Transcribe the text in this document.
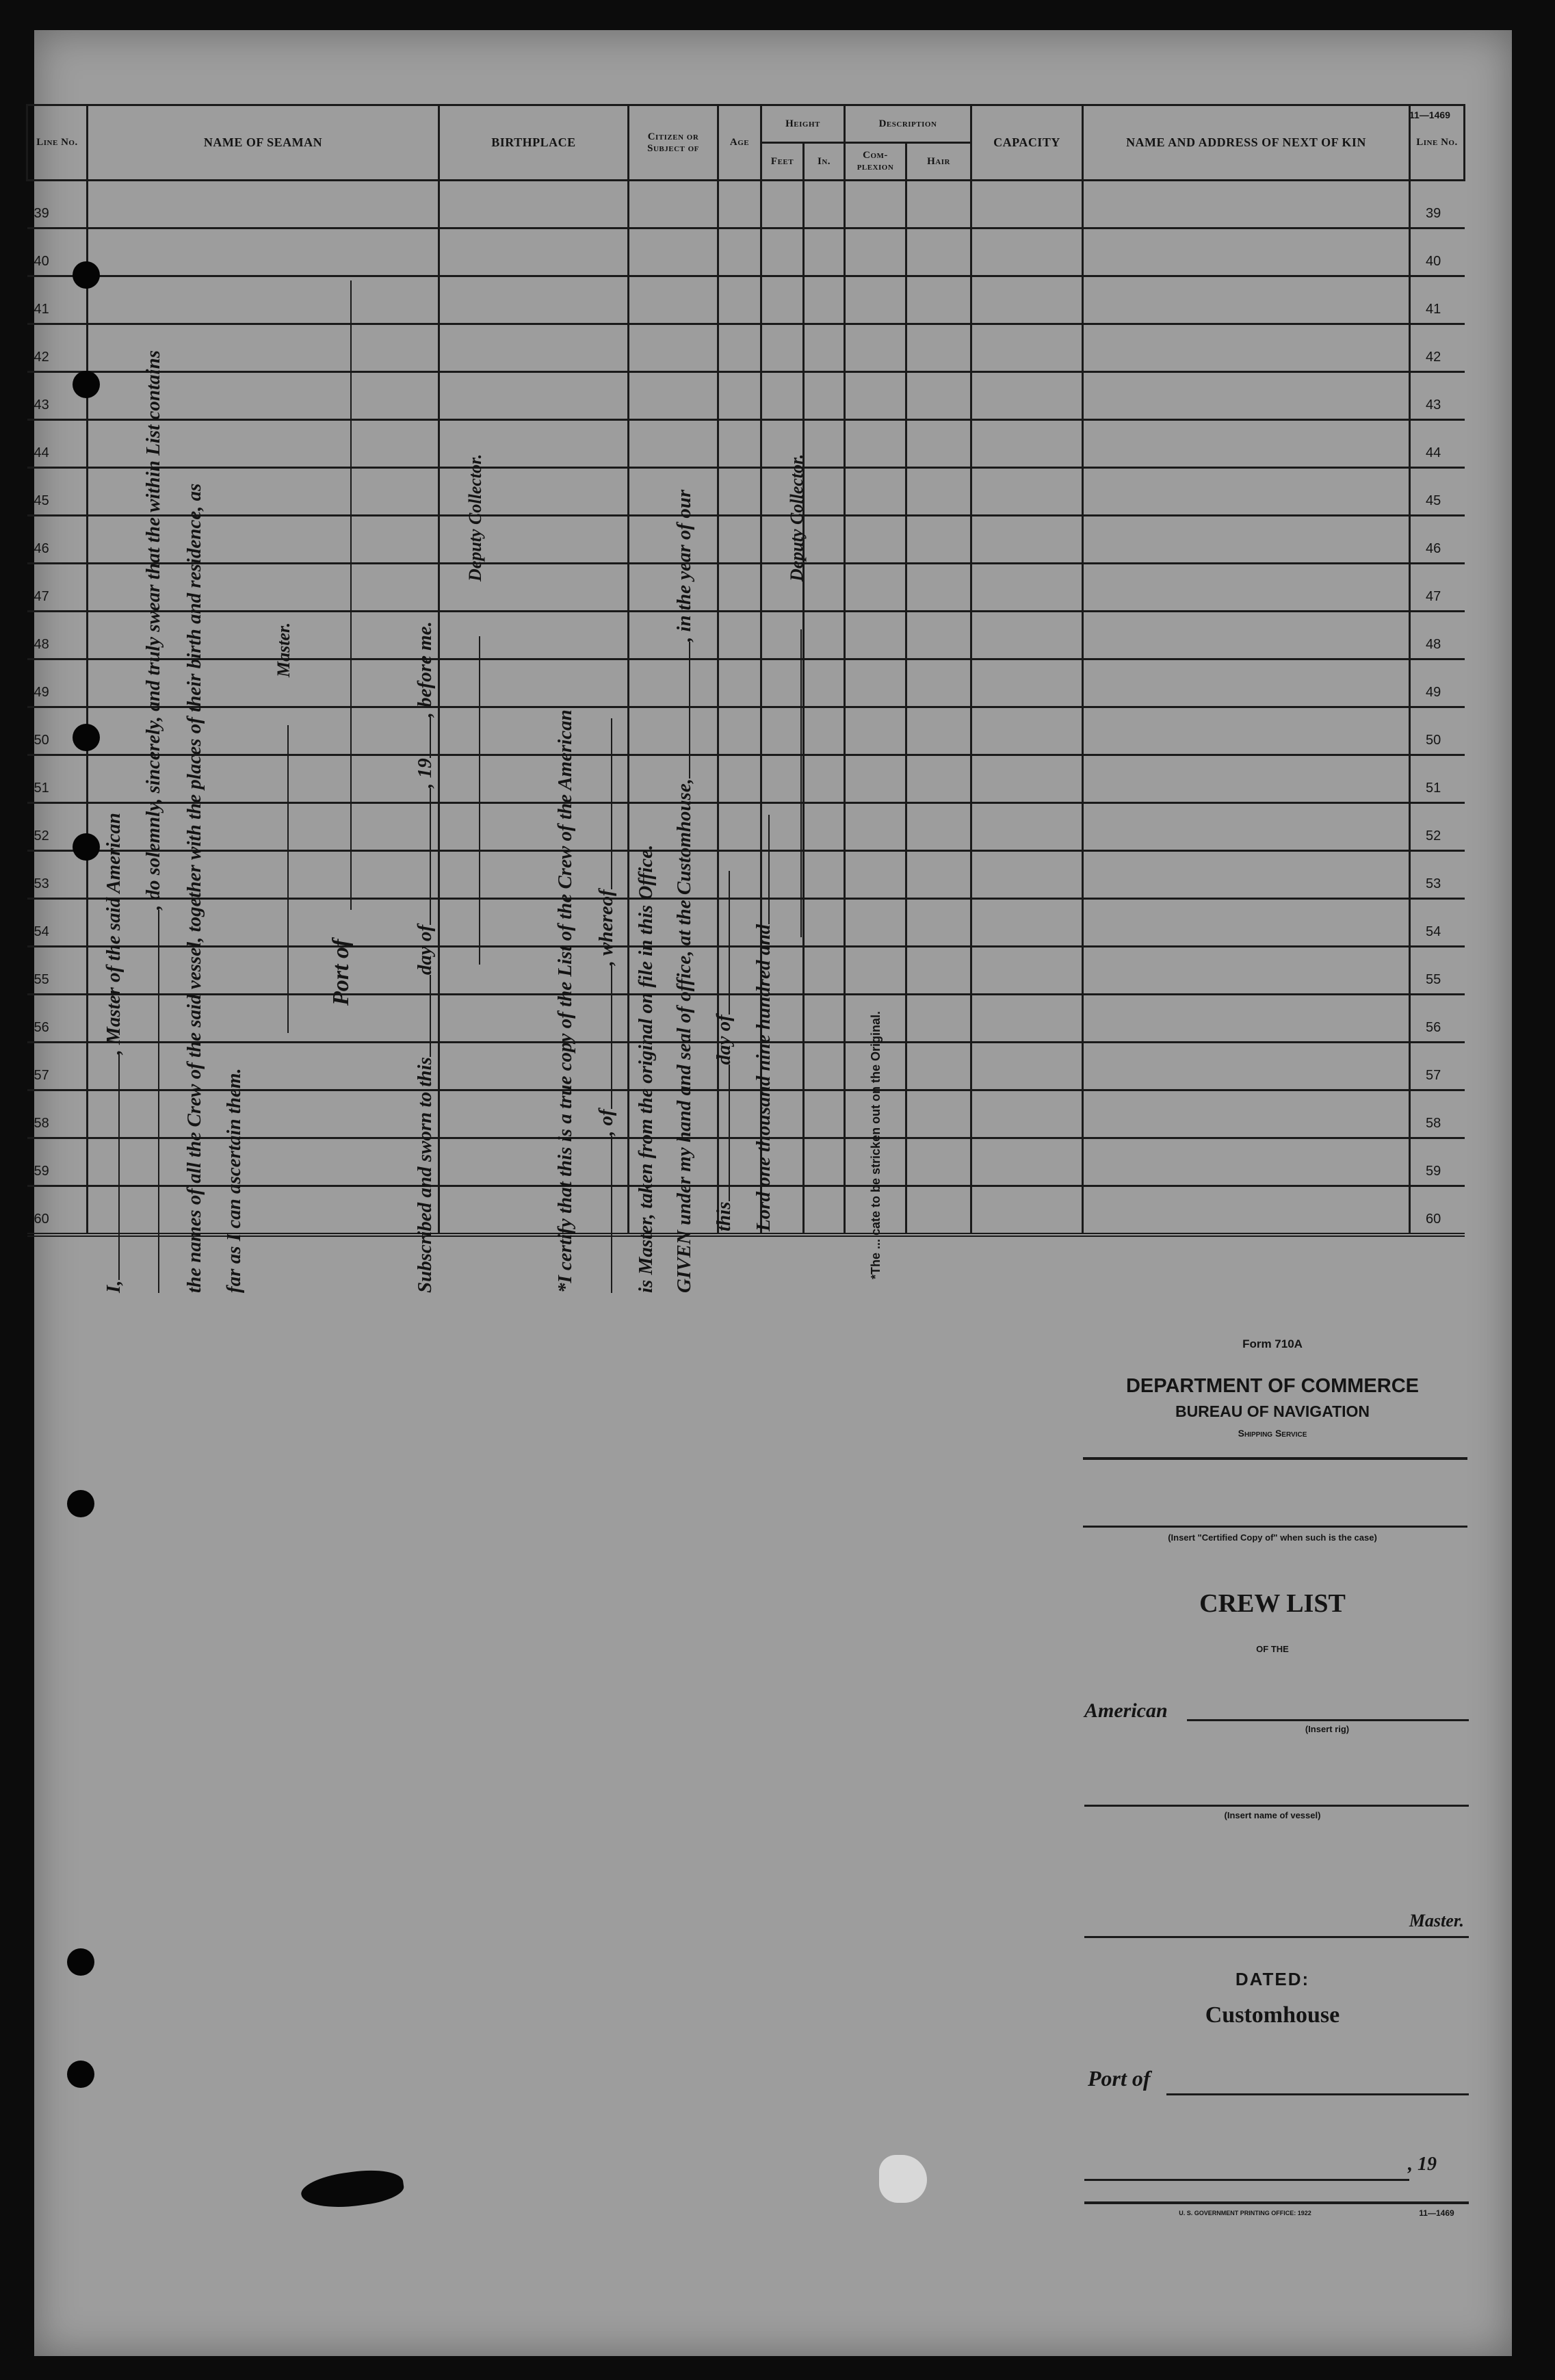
11—1469
Line No.	NAME OF SEAMAN	BIRTHPLACE	Citizen or Subject of	Age	Height		Description		CAPACITY	NAME AND ADDRESS OF NEXT OF KIN	Line No.
					Feet	In.	Com- plexion	Hair			
39											39
40											40
41											41
42											42
43											43
44											44
45											45
46											46
47											47
48											48
49											49
50											50
51											51
52											52
53											53
54											54
55											55
56											56
57											57
58											58
59											59
60											60
I,, Master of the said American
, do solemnly, sincerely, and truly swear that the within List contains the names of all the Crew of the said vessel, together with the places of their birth and residence, as far as I can ascertain them.
Master.
Port of
Subscribed and sworn to thisday of, 19, before me.
Deputy Collector.
*I certify that this is a true copy of the List of the Crew of the American , of, whereof is Master, taken from the original on file in this Office. GIVEN under my hand and seal of office, at the Customhouse,, in the year of our
thisday of Lord one thousand nine hundred and
Deputy Collector.
*The ... cate to be stricken out on the Original.
Form 710A
DEPARTMENT OF COMMERCE
BUREAU OF NAVIGATION
Shipping Service
(Insert "Certified Copy of" when such is the case)
CREW LIST
OF THE
American
(Insert rig)
(Insert name of vessel)
Master.
DATED:
Customhouse
Port of
, 19
U. S. GOVERNMENT PRINTING OFFICE: 1922	11—1469
